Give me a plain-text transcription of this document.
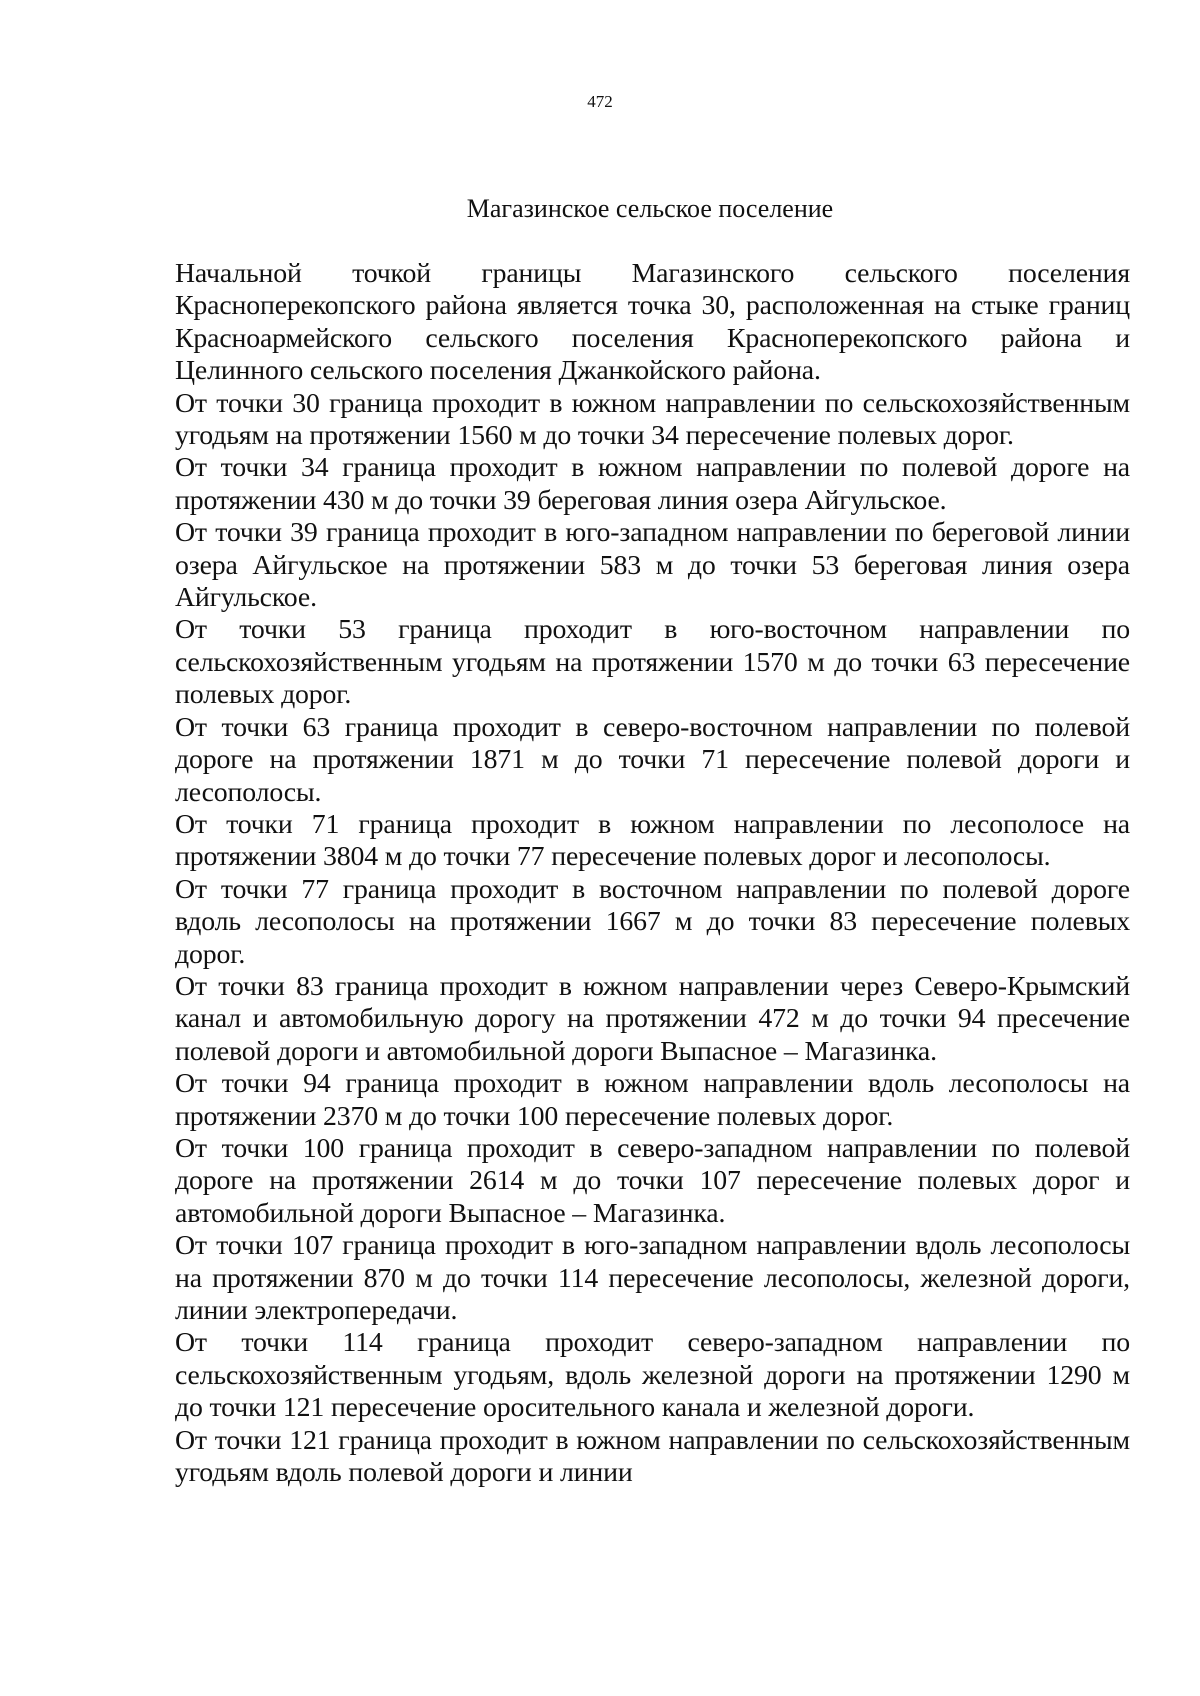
472
Магазинское сельское поселение

Начальной точкой границы Магазинского сельского поселения Красноперекопского района является точка 30, расположенная на стыке границ Красноармейского сельского поселения Красноперекопского района и Целинного сельского поселения Джанкойского района.

От точки 30 граница проходит в южном направлении по сельскохозяйственным угодьям на протяжении 1560 м до точки 34 пересечение полевых дорог.

От точки 34 граница проходит в южном направлении по полевой дороге на протяжении 430 м до точки 39 береговая линия озера Айгульское.

От точки 39 граница проходит в юго-западном направлении по береговой линии озера Айгульское на протяжении 583 м до точки 53 береговая линия озера Айгульское.

От точки 53 граница проходит в юго-восточном направлении по сельскохозяйственным угодьям на протяжении 1570 м до точки 63 пересечение полевых дорог.

От точки 63 граница проходит в северо-восточном направлении по полевой дороге на протяжении 1871 м до точки 71 пересечение полевой дороги и лесополосы.

От точки 71 граница проходит в южном направлении по лесополосе на протяжении 3804 м до точки 77 пересечение полевых дорог и лесополосы.

От точки 77 граница проходит в восточном направлении по полевой дороге вдоль лесополосы на протяжении 1667 м до точки 83 пересечение полевых дорог.

От точки 83 граница проходит в южном направлении через Северо-Крымский канал и автомобильную дорогу на протяжении 472 м до точки 94 пресечение полевой дороги и автомобильной дороги Выпасное – Магазинка.

От точки 94 граница проходит в южном направлении вдоль лесополосы на протяжении 2370 м до точки 100 пересечение полевых дорог.

От точки 100 граница проходит в северо-западном направлении по полевой дороге на протяжении 2614 м до точки 107 пересечение полевых дорог и автомобильной дороги Выпасное – Магазинка.

От точки 107 граница проходит в юго-западном направлении вдоль лесополосы на протяжении 870 м до точки 114 пересечение лесополосы, железной дороги, линии электропередачи.

От точки 114 граница проходит северо-западном направлении по сельскохозяйственным угодьям, вдоль железной дороги на протяжении 1290 м до точки 121 пересечение оросительного канала и железной дороги.

От точки 121 граница проходит в южном направлении по сельскохозяйственным угодьям вдоль полевой дороги и линии
